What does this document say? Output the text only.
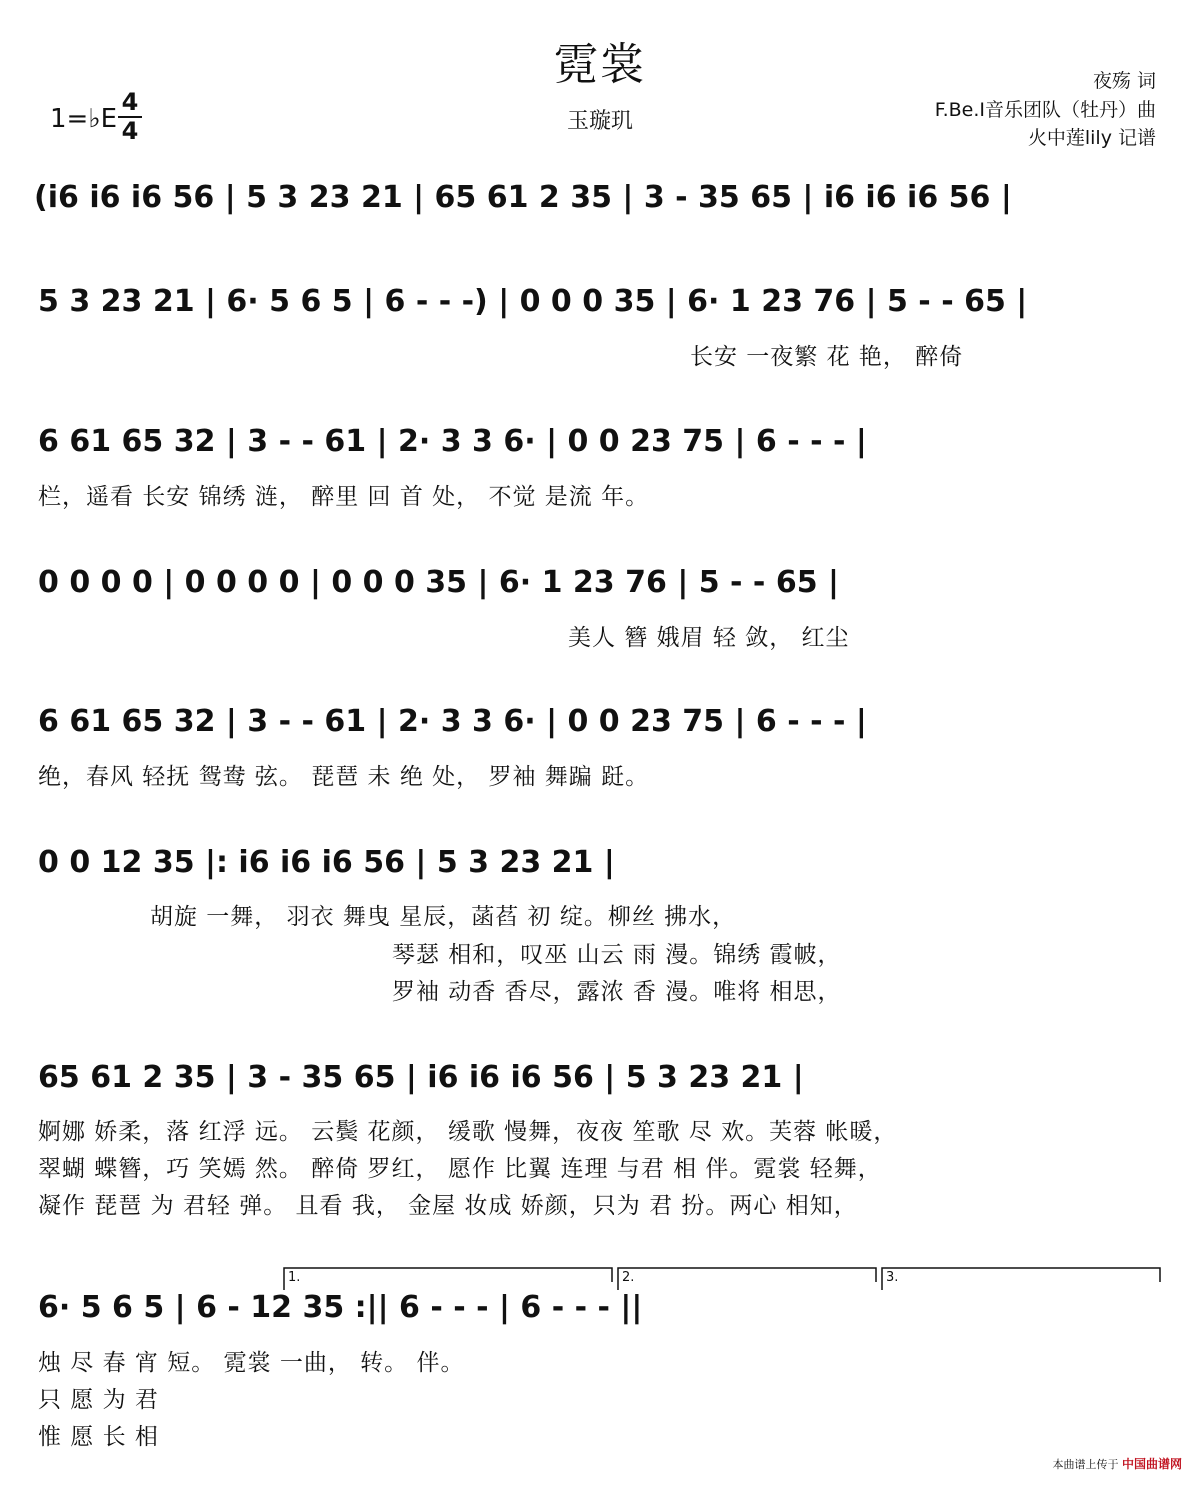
霓裳
玉璇玑
1=♭E
4
4
夜殇 词
F.Be.I音乐团队（牡丹）曲
火中莲lily 记谱
(i6 i6 i6 56 | 5 3 23 21 | 65 61 2 35 | 3 - 35 65 | i6 i6 i6 56 |
5 3 23 21 | 6· 5 6 5 | 6 - - -) | 0 0 0 35 | 6· 1 23 76 | 5 - - 65 |
长安 一夜繁 花 艳， 醉倚
6 61 65 32 | 3 - - 61 | 2· 3 3 6· | 0 0 23 75 | 6 - - - |
栏，遥看 长安 锦绣 涟， 醉里 回 首 处， 不觉 是流 年。
0 0 0 0 | 0 0 0 0 | 0 0 0 35 | 6· 1 23 76 | 5 - - 65 |
美人 簪 娥眉 轻 敛， 红尘
6 61 65 32 | 3 - - 61 | 2· 3 3 6· | 0 0 23 75 | 6 - - - |
绝，春风 轻抚 鸳鸯 弦。 琵琶 未 绝 处， 罗袖 舞蹁 跹。
0 0 12 35 |: i6 i6 i6 56 | 5 3 23 21 |
胡旋 一舞， 羽衣 舞曳 星辰，菡萏 初 绽。柳丝 拂水，
琴瑟 相和，叹巫 山云 雨 漫。锦绣 霞帔，
罗袖 动香 香尽，露浓 香 漫。唯将 相思，
65 61 2 35 | 3 - 35 65 | i6 i6 i6 56 | 5 3 23 21 |
婀娜 娇柔，落 红浮 远。 云鬓 花颜， 缓歌 慢舞，夜夜 笙歌 尽 欢。芙蓉 帐暖，
翠蝴 蝶簪，巧 笑嫣 然。 醉倚 罗红， 愿作 比翼 连理 与君 相 伴。霓裳 轻舞，
凝作 琵琶 为 君轻 弹。 且看 我， 金屋 妆成 娇颜，只为 君 扮。两心 相知，
1.	2.	3.
6· 5 6 5 | 6 - 12 35 :|| 6 - - - | 6 - - - ||
烛 尽 春 宵 短。 霓裳 一曲， 转。 伴。
只 愿 为 君
惟 愿 长 相
本曲谱上传于 中国曲谱网
